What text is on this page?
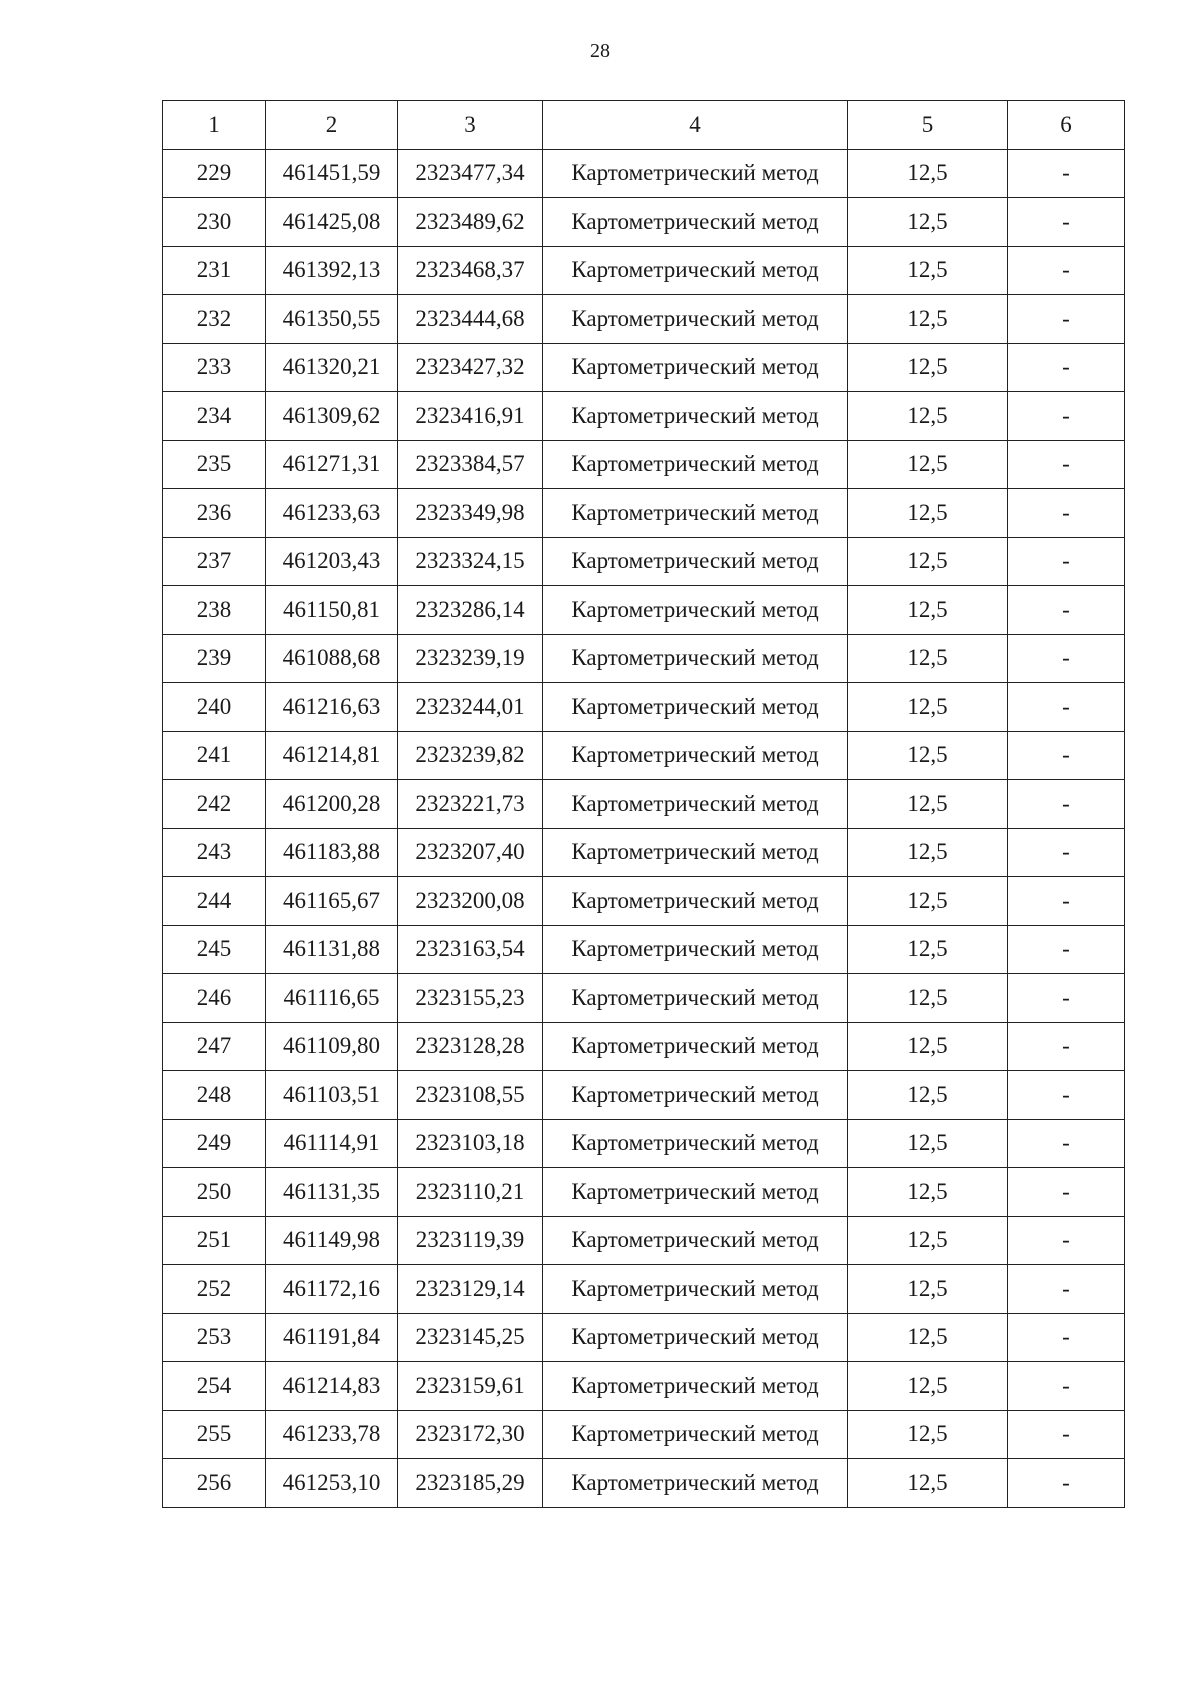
28
1	2	3	4	5	6
229	461451,59	2323477,34	Картометрический метод	12,5	-
230	461425,08	2323489,62	Картометрический метод	12,5	-
231	461392,13	2323468,37	Картометрический метод	12,5	-
232	461350,55	2323444,68	Картометрический метод	12,5	-
233	461320,21	2323427,32	Картометрический метод	12,5	-
234	461309,62	2323416,91	Картометрический метод	12,5	-
235	461271,31	2323384,57	Картометрический метод	12,5	-
236	461233,63	2323349,98	Картометрический метод	12,5	-
237	461203,43	2323324,15	Картометрический метод	12,5	-
238	461150,81	2323286,14	Картометрический метод	12,5	-
239	461088,68	2323239,19	Картометрический метод	12,5	-
240	461216,63	2323244,01	Картометрический метод	12,5	-
241	461214,81	2323239,82	Картометрический метод	12,5	-
242	461200,28	2323221,73	Картометрический метод	12,5	-
243	461183,88	2323207,40	Картометрический метод	12,5	-
244	461165,67	2323200,08	Картометрический метод	12,5	-
245	461131,88	2323163,54	Картометрический метод	12,5	-
246	461116,65	2323155,23	Картометрический метод	12,5	-
247	461109,80	2323128,28	Картометрический метод	12,5	-
248	461103,51	2323108,55	Картометрический метод	12,5	-
249	461114,91	2323103,18	Картометрический метод	12,5	-
250	461131,35	2323110,21	Картометрический метод	12,5	-
251	461149,98	2323119,39	Картометрический метод	12,5	-
252	461172,16	2323129,14	Картометрический метод	12,5	-
253	461191,84	2323145,25	Картометрический метод	12,5	-
254	461214,83	2323159,61	Картометрический метод	12,5	-
255	461233,78	2323172,30	Картометрический метод	12,5	-
256	461253,10	2323185,29	Картометрический метод	12,5	-
